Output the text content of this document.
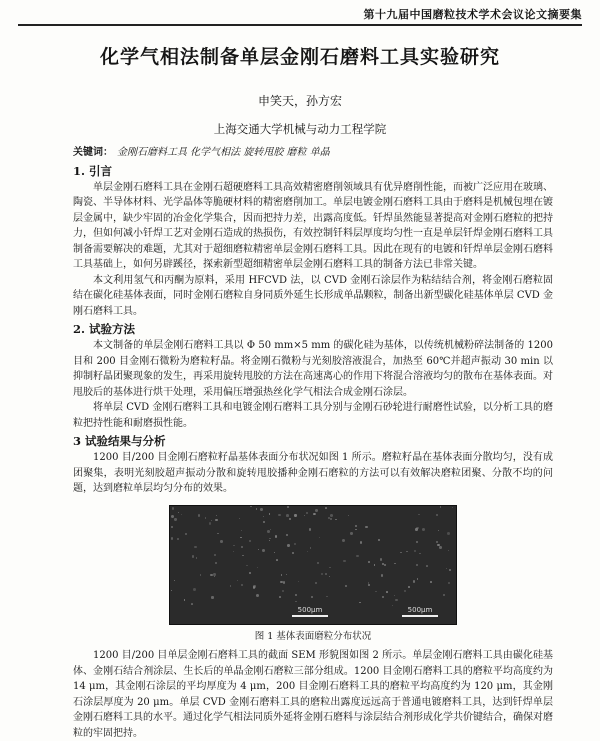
第十九届中国磨粒技术学术会议论文摘要集
化学气相法制备单层金刚石磨料工具实验研究
申笑天，孙方宏
上海交通大学机械与动力工程学院
关键词： 金刚石磨料工具 化学气相法 旋转甩胶 磨粒 单晶
1. 引言

单层金刚石磨料工具在金刚石超硬磨料工具高效精密磨削领域具有优异磨削性能，而被广泛应用在玻璃、陶瓷、半导体材料、光学晶体等脆硬材料的精密磨削加工。单层电镀金刚石磨料工具由于磨料是机械包埋在镀层金属中，缺少牢固的冶金化学集合，因而把持力差，出露高度低。钎焊虽然能显著提高对金刚石磨粒的把持力，但如何减小钎焊工艺对金刚石造成的热损伤，有效控制钎料层厚度均匀性一直是单层钎焊金刚石磨料工具制备需要解决的难题，尤其对于超细磨粒精密单层金刚石磨料工具。因此在现有的电镀和钎焊单层金刚石磨料工具基础上，如何另辟蹊径，探索新型超细精密单层金刚石磨料工具的制备方法已非常关键。

本文利用氢气和丙酮为原料，采用 HFCVD 法，以 CVD 金刚石涂层作为粘结结合剂，将金刚石磨粒固结在碳化硅基体表面，同时金刚石磨粒自身同质外延生长形成单晶颗粒，制备出新型碳化硅基体单层 CVD 金刚石磨料工具。

2. 试验方法

本文制备的单层金刚石磨料工具以 Φ 50 mm×5 mm 的碳化硅为基体，以传统机械粉碎法制备的 1200 目和 200 目金刚石微粉为磨粒籽晶。将金刚石微粉与光刻胶溶液混合，加热至 60℃并超声振动 30 min 以抑制籽晶团聚现象的发生，再采用旋转甩胶的方法在高速离心的作用下将混合溶液均匀的散布在基体表面。对甩胶后的基体进行烘干处理，采用偏压增强热丝化学气相法合成金刚石涂层。

将单层 CVD 金刚石磨料工具和电镀金刚石磨料工具分别与金刚石砂轮进行耐磨性试验，以分析工具的磨粒把持性能和耐磨损性能。

3 试验结果与分析

1200 目/200 目金刚石磨粒籽晶基体表面分布状况如图 1 所示。磨粒籽晶在基体表面分散均匀，没有成团聚集，表明光刻胶超声振动分散和旋转甩胶播种金刚石磨粒的方法可以有效解决磨粒团聚、分散不均的问题，达到磨粒单层均匀分布的效果。

500μm	500μm
图 1 基体表面磨粒分布状况

1200 目/200 目单层金刚石磨料工具的截面 SEM 形貌图如图 2 所示。单层金刚石磨料工具由碳化硅基体、金刚石结合剂涂层、生长后的单晶金刚石磨粒三部分组成。1200 目金刚石磨料工具的磨粒平均高度约为 14 μm，其金刚石涂层的平均厚度为 4 μm，200 目金刚石磨料工具的磨粒平均高度约为 120 μm，其金刚石涂层厚度为 20 μm。单层 CVD 金刚石磨料工具的磨粒出露度远远高于普通电镀磨料工具，达到钎焊单层金刚石磨料工具的水平。通过化学气相法同质外延将金刚石磨料与涂层结合剂形成化学共价键结合，确保对磨粒的牢固把持。
